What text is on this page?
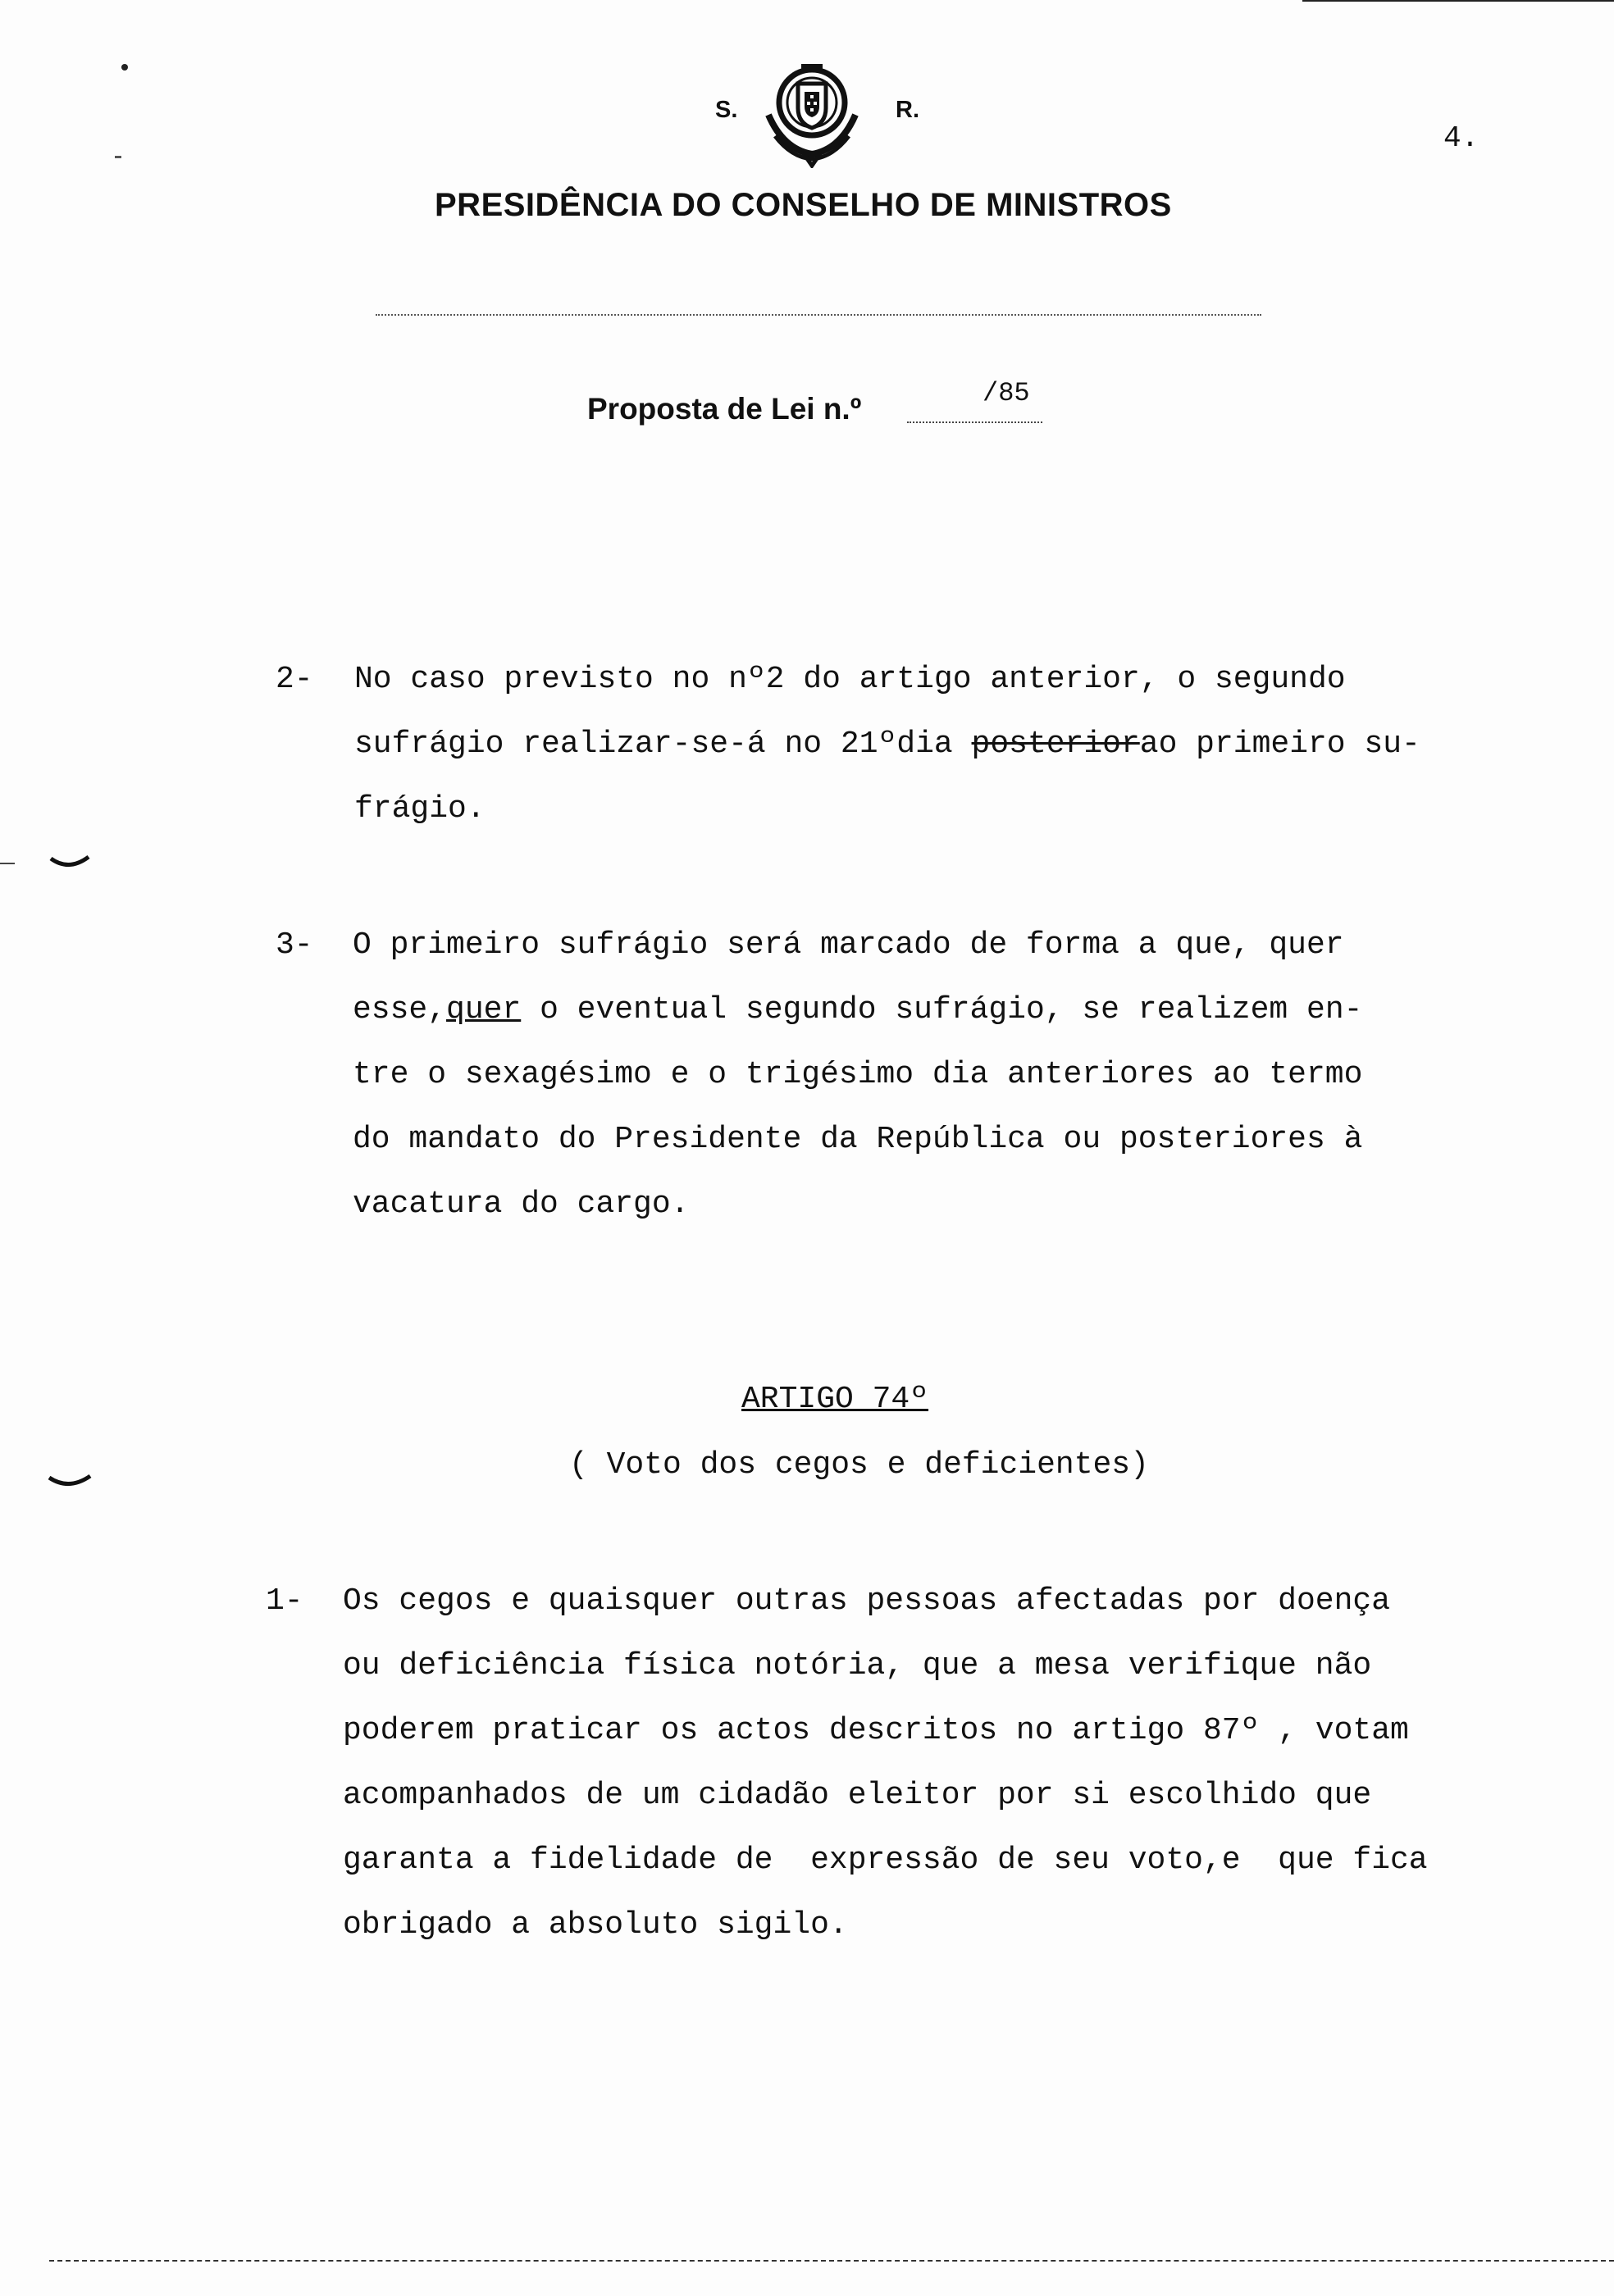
S.	R.
4.
PRESIDÊNCIA DO CONSELHO DE MINISTROS
Proposta de Lei n.º	/85
2- No caso previsto no nº2 do artigo anterior, o segundo
sufrágio realizar-se-á no 21ºdia posteriorao primeiro su-
frágio.
3- O primeiro sufrágio será marcado de forma a que, quer
esse,quer o eventual segundo sufrágio, se realizem en-
tre o sexagésimo e o trigésimo dia anteriores ao termo
do mandato do Presidente da República ou posteriores à
vacatura do cargo.
ARTIGO 74º
( Voto dos cegos e deficientes)
1- Os cegos e quaisquer outras pessoas afectadas por doença
ou deficiência física notória, que a mesa verifique não
poderem praticar os actos descritos no artigo 87º , votam
acompanhados de um cidadão eleitor por si escolhido que
garanta a fidelidade de  expressão de seu voto,e  que fica
obrigado a absoluto sigilo.
